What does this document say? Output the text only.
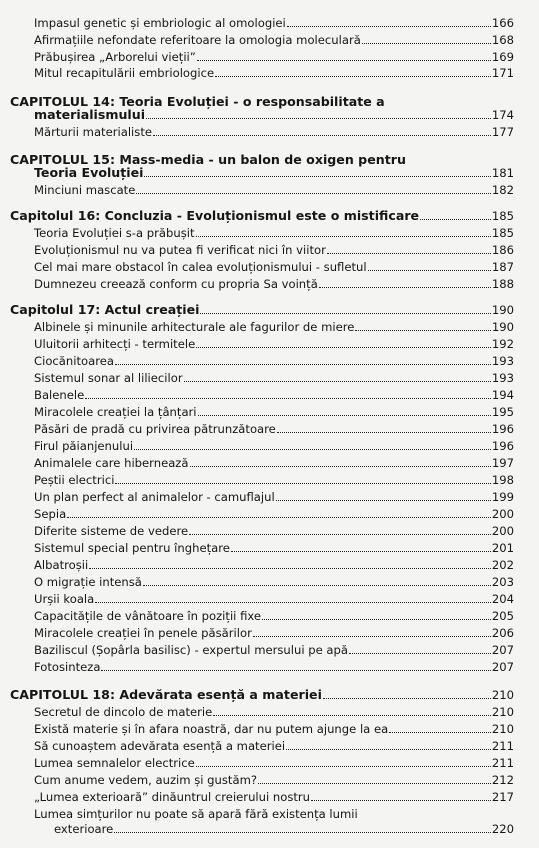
Impasul genetic și embriologic al omologiei	166
Afirmațiile nefondate referitoare la omologia moleculară	168
Prăbușirea „Arborelui vieții”	169
Mitul recapitulării embriologice	171
CAPITOLUL 14: Teoria Evoluției - o responsabilitate a
materialismului	174
Mărturii materialiste	177
CAPITOLUL 15: Mass-media - un balon de oxigen pentru
Teoria Evoluției	181
Minciuni mascate	182
Capitolul 16: Concluzia - Evoluționismul este o mistificare	185
Teoria Evoluției s-a prăbușit	185
Evoluționismul nu va putea fi verificat nici în viitor	186
Cel mai mare obstacol în calea evoluționismului - sufletul	187
Dumnezeu creează conform cu propria Sa voință	188
Capitolul 17: Actul creației	190
Albinele și minunile arhitecturale ale fagurilor de miere	190
Uluitorii arhitecți - termitele	192
Ciocănitoarea	193
Sistemul sonar al liliecilor	193
Balenele	194
Miracolele creației la țânțari	195
Păsări de pradă cu privirea pătrunzătoare	196
Firul păianjenului	196
Animalele care hibernează	197
Peștii electrici	198
Un plan perfect al animalelor - camuflajul	199
Sepia	200
Diferite sisteme de vedere	200
Sistemul special pentru înghețare	201
Albatroșii	202
O migrație intensă	203
Urșii koala	204
Capacitățile de vânătoare în poziții fixe	205
Miracolele creației în penele păsărilor	206
Baziliscul (Șopârla basilisc) - expertul mersului pe apă	207
Fotosinteza	207
CAPITOLUL 18: Adevărata esență a materiei	210
Secretul de dincolo de materie	210
Există materie și în afara noastră, dar nu putem ajunge la ea	210
Să cunoaștem adevărata esență a materiei	211
Lumea semnalelor electrice	211
Cum anume vedem, auzim și gustăm?	212
„Lumea exterioară” dinăuntrul creierului nostru	217
Lumea simțurilor nu poate să apară fără existența lumii
exterioare	220
